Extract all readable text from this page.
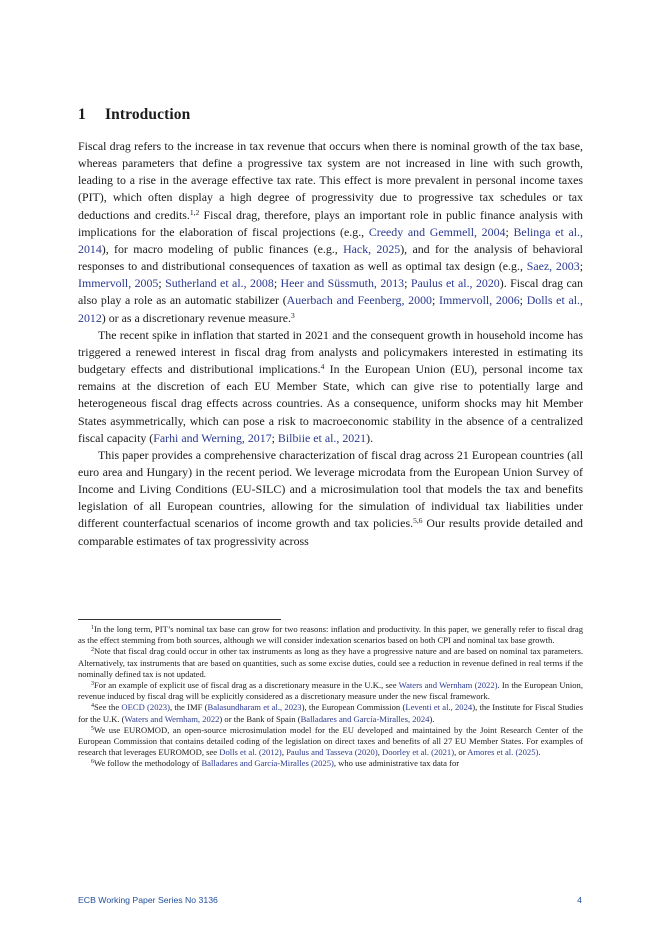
1 Introduction

Fiscal drag refers to the increase in tax revenue that occurs when there is nominal growth of the tax base, whereas parameters that define a progressive tax system are not increased in line with such growth, leading to a rise in the average effective tax rate. This effect is more prevalent in personal income taxes (PIT), which often display a high degree of progressivity due to progressive tax schedules or tax deductions and credits.$^{1,2}$ Fiscal drag, therefore, plays an important role in public finance analysis with implications for the elaboration of fiscal projections (e.g., Creedy and Gemmell, 2004; Belinga et al., 2014), for macro modeling of public finances (e.g., Hack, 2025), and for the analysis of behavioral responses to and distributional consequences of taxation as well as optimal tax design (e.g., Saez, 2003; Immervoll, 2005; Sutherland et al., 2008; Heer and Süssmuth, 2013; Paulus et al., 2020). Fiscal drag can also play a role as an automatic stabilizer (Auerbach and Feenberg, 2000; Immervoll, 2006; Dolls et al., 2012) or as a discretionary revenue measure.$^3$

The recent spike in inflation that started in 2021 and the consequent growth in household income has triggered a renewed interest in fiscal drag from analysts and policymakers interested in estimating its budgetary effects and distributional implications.$^4$ In the European Union (EU), personal income tax remains at the discretion of each EU Member State, which can give rise to potentially large and heterogeneous fiscal drag effects across countries. As a consequence, uniform shocks may hit Member States asymmetrically, which can pose a risk to macroeconomic stability in the absence of a centralized fiscal capacity (Farhi and Werning, 2017; Bilbiie et al., 2021).

This paper provides a comprehensive characterization of fiscal drag across 21 European countries (all euro area and Hungary) in the recent period. We leverage microdata from the European Union Survey of Income and Living Conditions (EU-SILC) and a microsimulation tool that models the tax and benefits legislation of all European countries, allowing for the simulation of individual tax liabilities under different counterfactual scenarios of income growth and tax policies.$^{5,6}$ Our results provide detailed and comparable estimates of tax progressivity across

$^1$In the long term, PIT’s nominal tax base can grow for two reasons: inflation and productivity. In this paper, we generally refer to fiscal drag as the effect stemming from both sources, although we will consider indexation scenarios based on both CPI and nominal tax base growth.

$^2$Note that fiscal drag could occur in other tax instruments as long as they have a progressive nature and are based on nominal tax parameters. Alternatively, tax instruments that are based on quantities, such as some excise duties, could see a reduction in revenue defined in real terms if the nominally defined tax is not updated.

$^3$For an example of explicit use of fiscal drag as a discretionary measure in the U.K., see Waters and Wernham (2022). In the European Union, revenue induced by fiscal drag will be explicitly considered as a discretionary measure under the new fiscal framework.

$^4$See the OECD (2023), the IMF (Balasundharam et al., 2023), the European Commission (Leventi et al., 2024), the Institute for Fiscal Studies for the U.K. (Waters and Wernham, 2022) or the Bank of Spain (Balladares and García-Miralles, 2024).

$^5$We use EUROMOD, an open-source microsimulation model for the EU developed and maintained by the Joint Research Center of the European Commission that contains detailed coding of the legislation on direct taxes and benefits of all 27 EU Member States. For examples of research that leverages EUROMOD, see Dolls et al. (2012), Paulus and Tasseva (2020), Doorley et al. (2021), or Amores et al. (2025).

$^6$We follow the methodology of Balladares and García-Miralles (2025), who use administrative tax data for

ECB Working Paper Series No 3136	4
